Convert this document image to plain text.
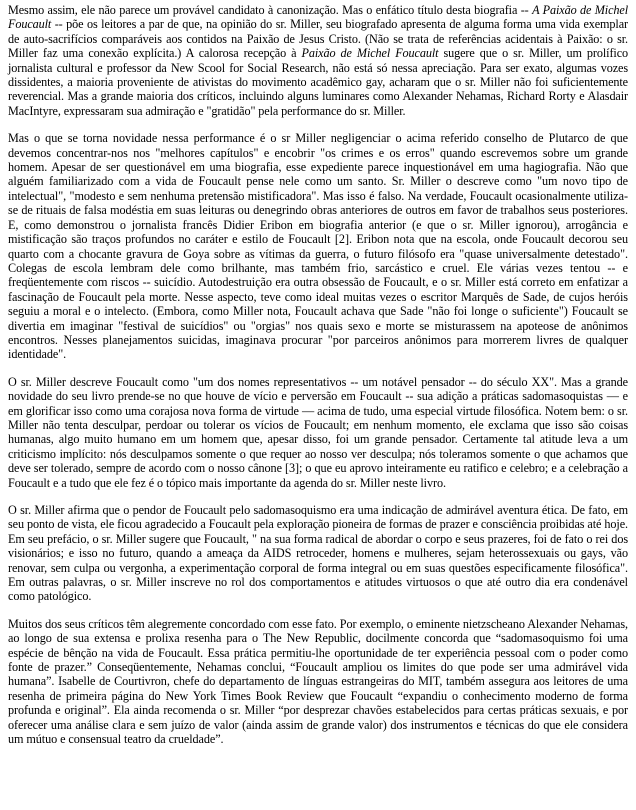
Mesmo assim, ele não parece um provável candidato à canonização. Mas o enfático título desta biografia -- A Paixão de Michel Foucault -- põe os leitores a par de que, na opinião do sr. Miller, seu biografado apresenta de alguma forma uma vida exemplar de auto-sacrifícios comparáveis aos contidos na Paixão de Jesus Cristo. (Não se trata de referências acidentais à Paixão: o sr. Miller faz uma conexão explícita.) A calorosa recepção à Paixão de Michel Foucault sugere que o sr. Miller, um prolífico jornalista cultural e professor da New Scool for Social Research, não está só nessa apreciação. Para ser exato, algumas vozes dissidentes, a maioria proveniente de ativistas do movimento acadêmico gay, acharam que o sr. Miller não foi suficientemente reverencial. Mas a grande maioria dos críticos, incluindo alguns luminares como Alexander Nehamas, Richard Rorty e Alasdair MacIntyre, expressaram sua admiração e "gratidão" pela performance do sr. Miller.

Mas o que se torna novidade nessa performance é o sr Miller negligenciar o acima referido conselho de Plutarco de que devemos concentrar-nos nos "melhores capítulos" e encobrir "os crimes e os erros" quando escrevemos sobre um grande homem. Apesar de ser questionável em uma biografia, esse expediente parece inquestionável em uma hagiografia. Não que alguém familiarizado com a vida de Foucault pense nele como um santo. Sr. Miller o descreve como "um novo tipo de intelectual", "modesto e sem nenhuma pretensão mistificadora". Mas isso é falso. Na verdade, Foucault ocasionalmente utiliza-se de rituais de falsa modéstia em suas leituras ou denegrindo obras anteriores de outros em favor de trabalhos seus posteriores. E, como demonstrou o jornalista francês Didier Eribon em biografia anterior (e que o sr. Miller ignorou), arrogância e mistificação são traços profundos no caráter e estilo de Foucault [2]. Eribon nota que na escola, onde Foucault decorou seu quarto com a chocante gravura de Goya sobre as vítimas da guerra, o futuro filósofo era "quase universalmente detestado". Colegas de escola lembram dele como brilhante, mas também frio, sarcástico e cruel. Ele várias vezes tentou -- e freqüentemente com riscos -- suicídio. Autodestruição era outra obsessão de Foucault, e o sr. Miller está correto em enfatizar a fascinação de Foucault pela morte. Nesse aspecto, teve como ideal muitas vezes o escritor Marquês de Sade, de cujos heróis seguiu a moral e o intelecto. (Embora, como Miller nota, Foucault achava que Sade "não foi longe o suficiente") Foucault se divertia em imaginar "festival de suicídios" ou "orgias" nos quais sexo e morte se misturassem na apoteose de anônimos encontros. Nesses planejamentos suicidas, imaginava procurar "por parceiros anônimos para morrerem livres de qualquer identidade".

O sr. Miller descreve Foucault como "um dos nomes representativos -- um notável pensador -- do século XX". Mas a grande novidade do seu livro prende-se no que houve de vício e perversão em Foucault -- sua adição a práticas sadomasoquistas — e em glorificar isso como uma corajosa nova forma de virtude — acima de tudo, uma especial virtude filosófica. Notem bem: o sr. Miller não tenta desculpar, perdoar ou tolerar os vícios de Foucault; em nenhum momento, ele exclama que isso são coisas humanas, algo muito humano em um homem que, apesar disso, foi um grande pensador. Certamente tal atitude leva a um criticismo implícito: nós desculpamos somente o que requer ao nosso ver desculpa; nós toleramos somente o que achamos que deve ser tolerado, sempre de acordo com o nosso cânone [3]; o que eu aprovo inteiramente eu ratifico e celebro; e a celebração a Foucault e a tudo que ele fez é o tópico mais importante da agenda do sr. Miller neste livro.

O sr. Miller afirma que o pendor de Foucault pelo sadomasoquismo era uma indicação de admirável aventura ética. De fato, em seu ponto de vista, ele ficou agradecido a Foucault pela exploração pioneira de formas de prazer e consciência proibidas até hoje. Em seu prefácio, o sr. Miller sugere que Foucault, " na sua forma radical de abordar o corpo e seus prazeres, foi de fato o rei dos visionários; e isso no futuro, quando a ameaça da AIDS retroceder, homens e mulheres, sejam heterossexuais ou gays, vão renovar, sem culpa ou vergonha, a experimentação corporal de forma integral ou em suas questões especificamente filosófica". Em outras palavras, o sr. Miller inscreve no rol dos comportamentos e atitudes virtuosos o que até outro dia era condenável como patológico.

Muitos dos seus críticos têm alegremente concordado com esse fato. Por exemplo, o eminente nietzscheano Alexander Nehamas, ao longo de sua extensa e prolixa resenha para o The New Republic, docilmente concorda que “sadomasoquismo foi uma espécie de bênção na vida de Foucault. Essa prática permitiu-lhe oportunidade de ter experiência pessoal com o poder como fonte de prazer.” Conseqüentemente, Nehamas conclui, “Foucault ampliou os limites do que pode ser uma admirável vida humana”. Isabelle de Courtivron, chefe do departamento de línguas estrangeiras do MIT, também assegura aos leitores de uma resenha de primeira página do New York Times Book Review que Foucault “expandiu o conhecimento moderno de forma profunda e original”. Ela ainda recomenda o sr. Miller “por desprezar chavões estabelecidos para certas práticas sexuais, e por oferecer uma análise clara e sem juízo de valor (ainda assim de grande valor) dos instrumentos e técnicas do que ele considera um mútuo e consensual teatro da crueldade”.
